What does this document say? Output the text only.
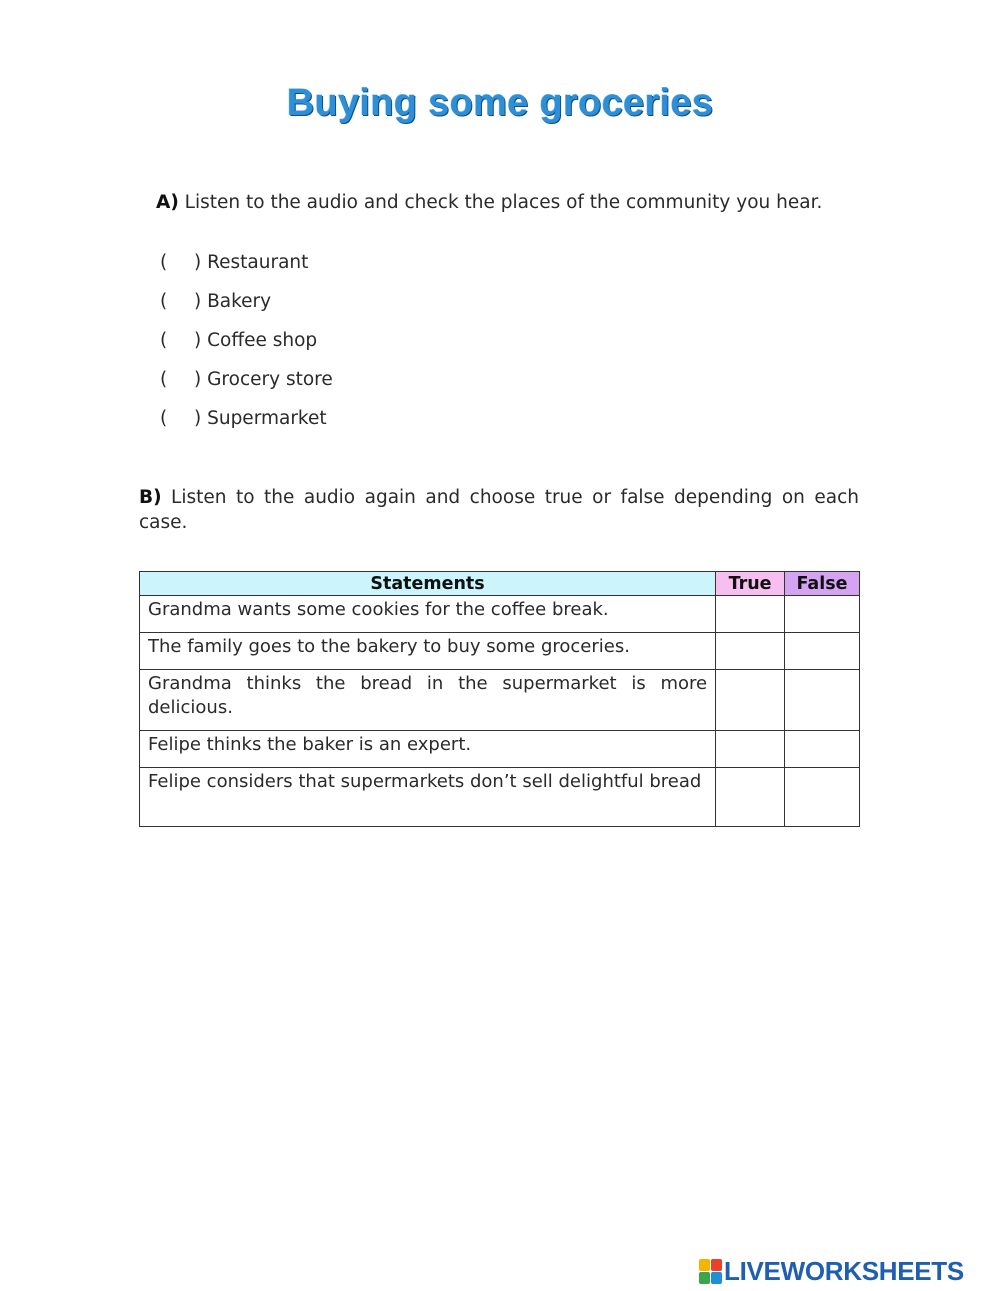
Buying some groceries
A) Listen to the audio and check the places of the community you hear.
(	) Restaurant
(	) Bakery
(	) Coffee shop
(	) Grocery store
(	) Supermarket
B) Listen to the audio again and choose true or false depending on each case.
Statements	True	False
Grandma wants some cookies for the coffee break.		
The family goes to the bakery to buy some groceries.		
Grandma thinks the bread in the supermarket is more delicious.		
Felipe thinks the baker is an expert.		
Felipe considers that supermarkets don’t sell delightful bread		
LIVEWORKSHEETS
